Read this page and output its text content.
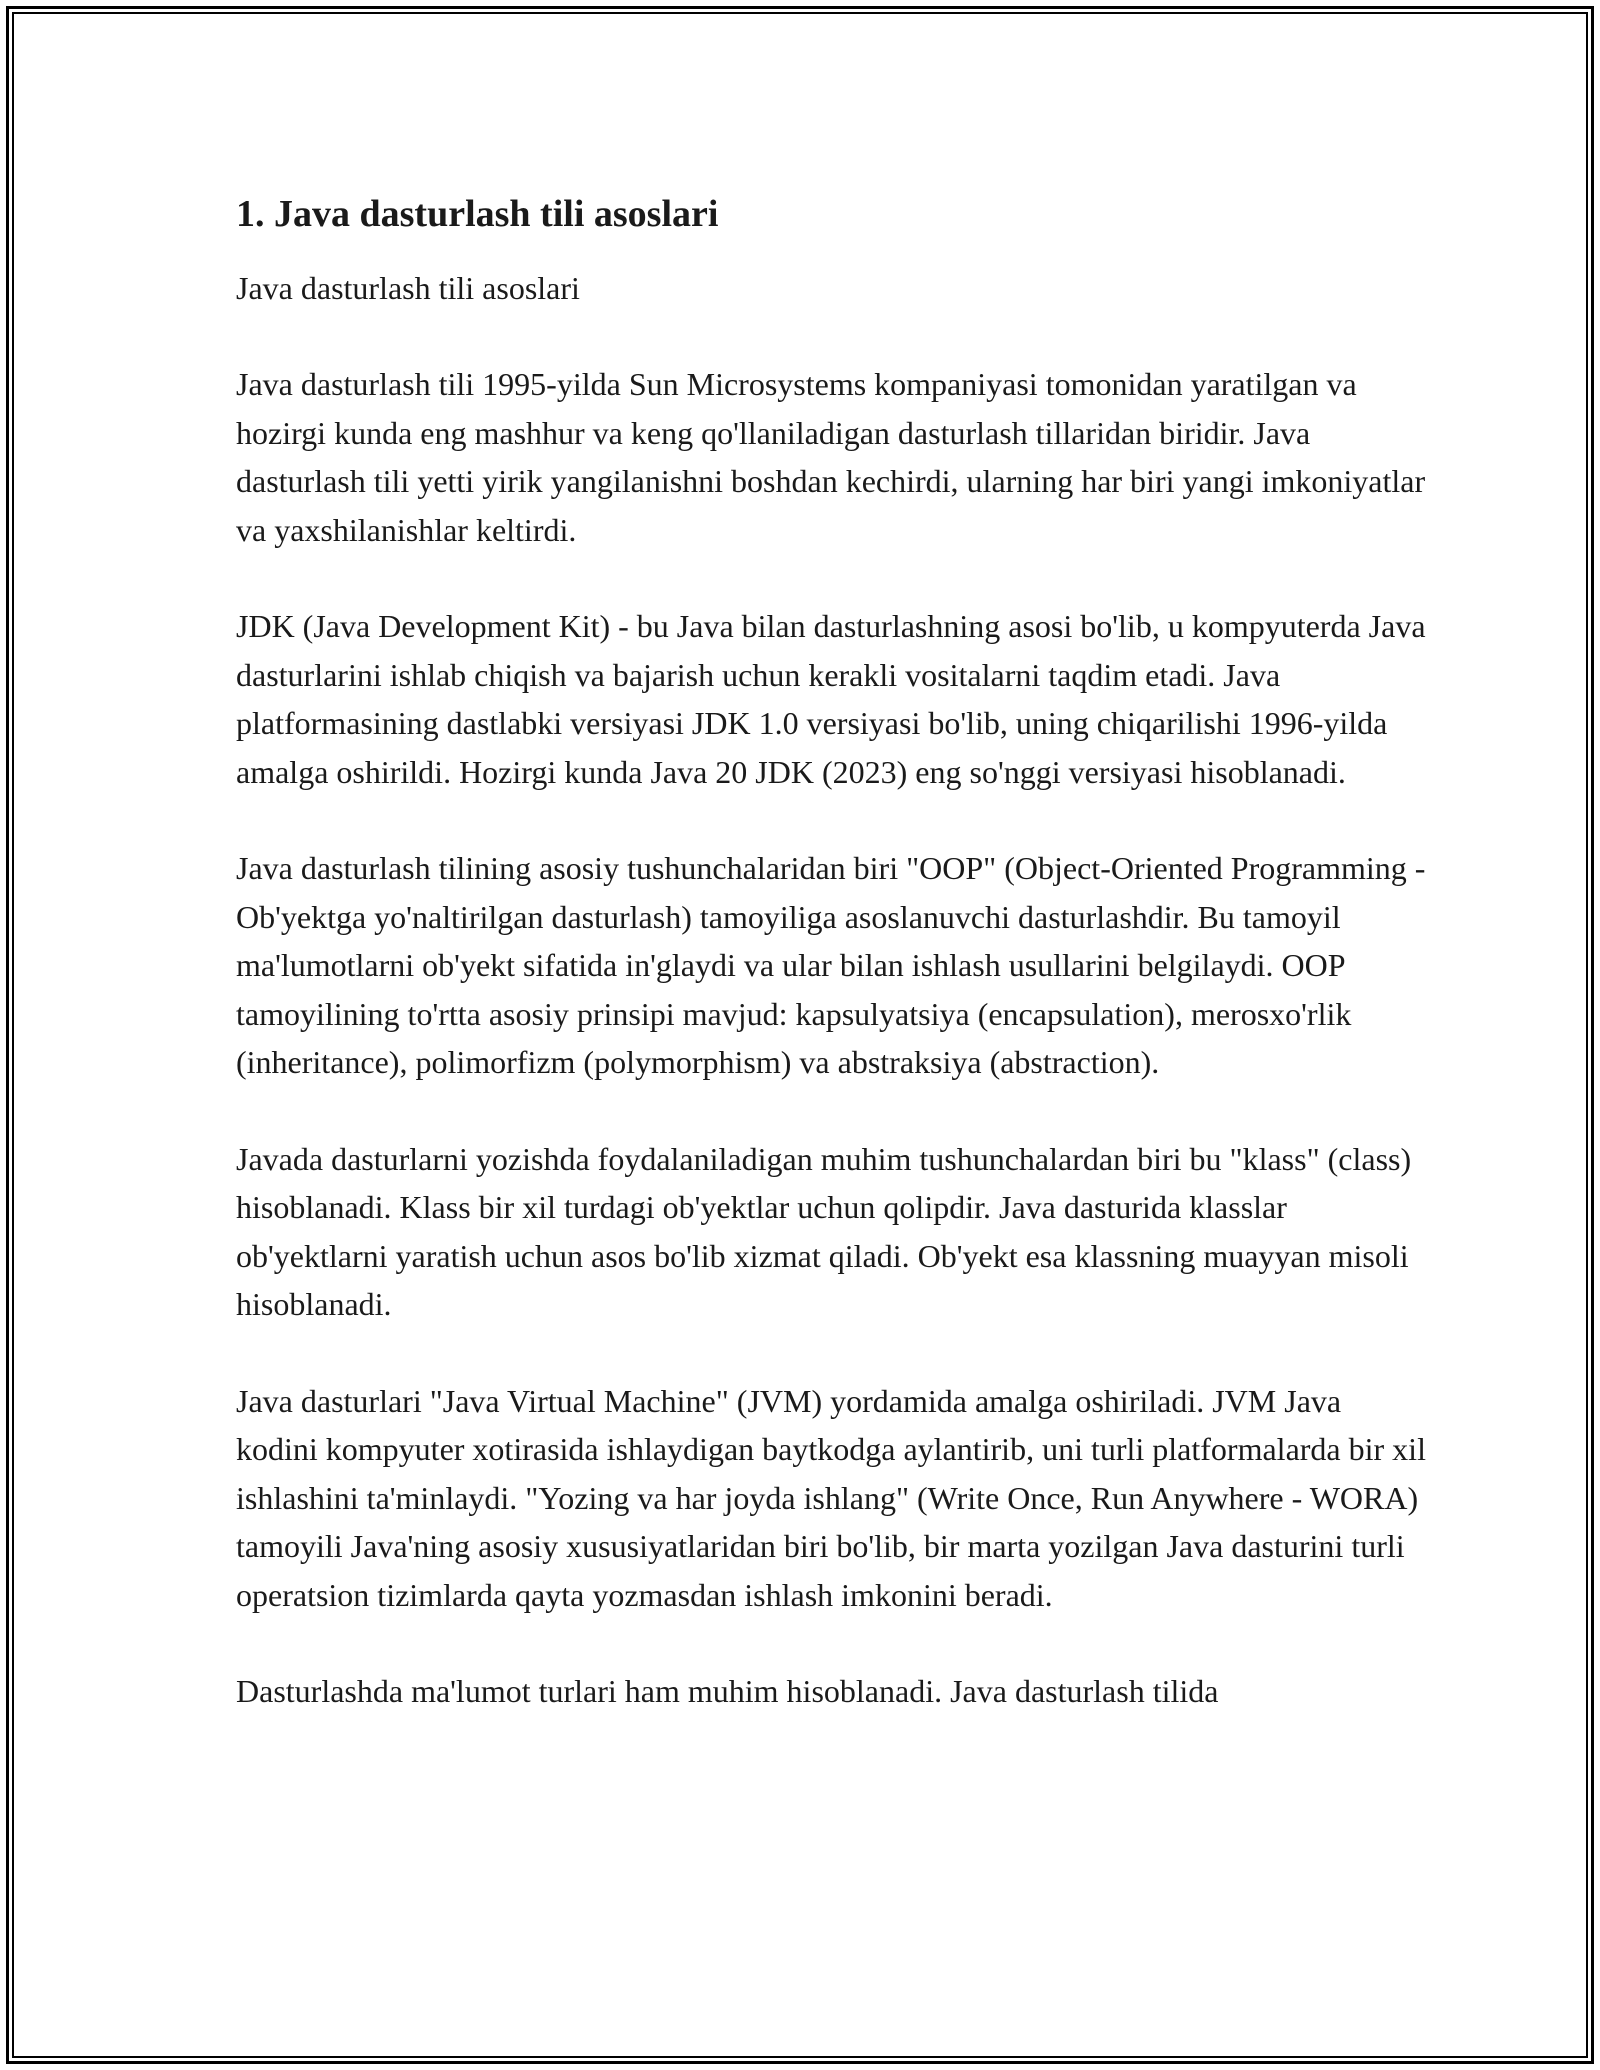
1. Java dasturlash tili asoslari
Java dasturlash tili asoslari

Java dasturlash tili 1995-yilda Sun Microsystems kompaniyasi tomonidan yaratilgan va hozirgi kunda eng mashhur va keng qo'llaniladigan dasturlash tillaridan biridir. Java dasturlash tili yetti yirik yangilanishni boshdan kechirdi, ularning har biri yangi imkoniyatlar va yaxshilanishlar keltirdi.

JDK (Java Development Kit) - bu Java bilan dasturlashning asosi bo'lib, u kompyuterda Java dasturlarini ishlab chiqish va bajarish uchun kerakli vositalarni taqdim etadi. Java platformasining dastlabki versiyasi JDK 1.0 versiyasi bo'lib, uning chiqarilishi 1996-yilda amalga oshirildi. Hozirgi kunda Java 20 JDK (2023) eng so'nggi versiyasi hisoblanadi.

Java dasturlash tilining asosiy tushunchalaridan biri "OOP" (Object-Oriented Programming - Ob'yektga yo'naltirilgan dasturlash) tamoyiliga asoslanuvchi dasturlashdir. Bu tamoyil ma'lumotlarni ob'yekt sifatida in'glaydi va ular bilan ishlash usullarini belgilaydi. OOP tamoyilining to'rtta asosiy prinsipi mavjud: kapsulyatsiya (encapsulation), merosxo'rlik (inheritance), polimorfizm (polymorphism) va abstraksiya (abstraction).

Javada dasturlarni yozishda foydalaniladigan muhim tushunchalardan biri bu "klass" (class) hisoblanadi. Klass bir xil turdagi ob'yektlar uchun qolipdir. Java dasturida klasslar ob'yektlarni yaratish uchun asos bo'lib xizmat qiladi. Ob'yekt esa klassning muayyan misoli hisoblanadi.

Java dasturlari "Java Virtual Machine" (JVM) yordamida amalga oshiriladi. JVM Java kodini kompyuter xotirasida ishlaydigan baytkodga aylantirib, uni turli platformalarda bir xil ishlashini ta'minlaydi. "Yozing va har joyda ishlang" (Write Once, Run Anywhere - WORA) tamoyili Java'ning asosiy xususiyatlaridan biri bo'lib, bir marta yozilgan Java dasturini turli operatsion tizimlarda qayta yozmasdan ishlash imkonini beradi.

Dasturlashda ma'lumot turlari ham muhim hisoblanadi. Java dasturlash tilida
